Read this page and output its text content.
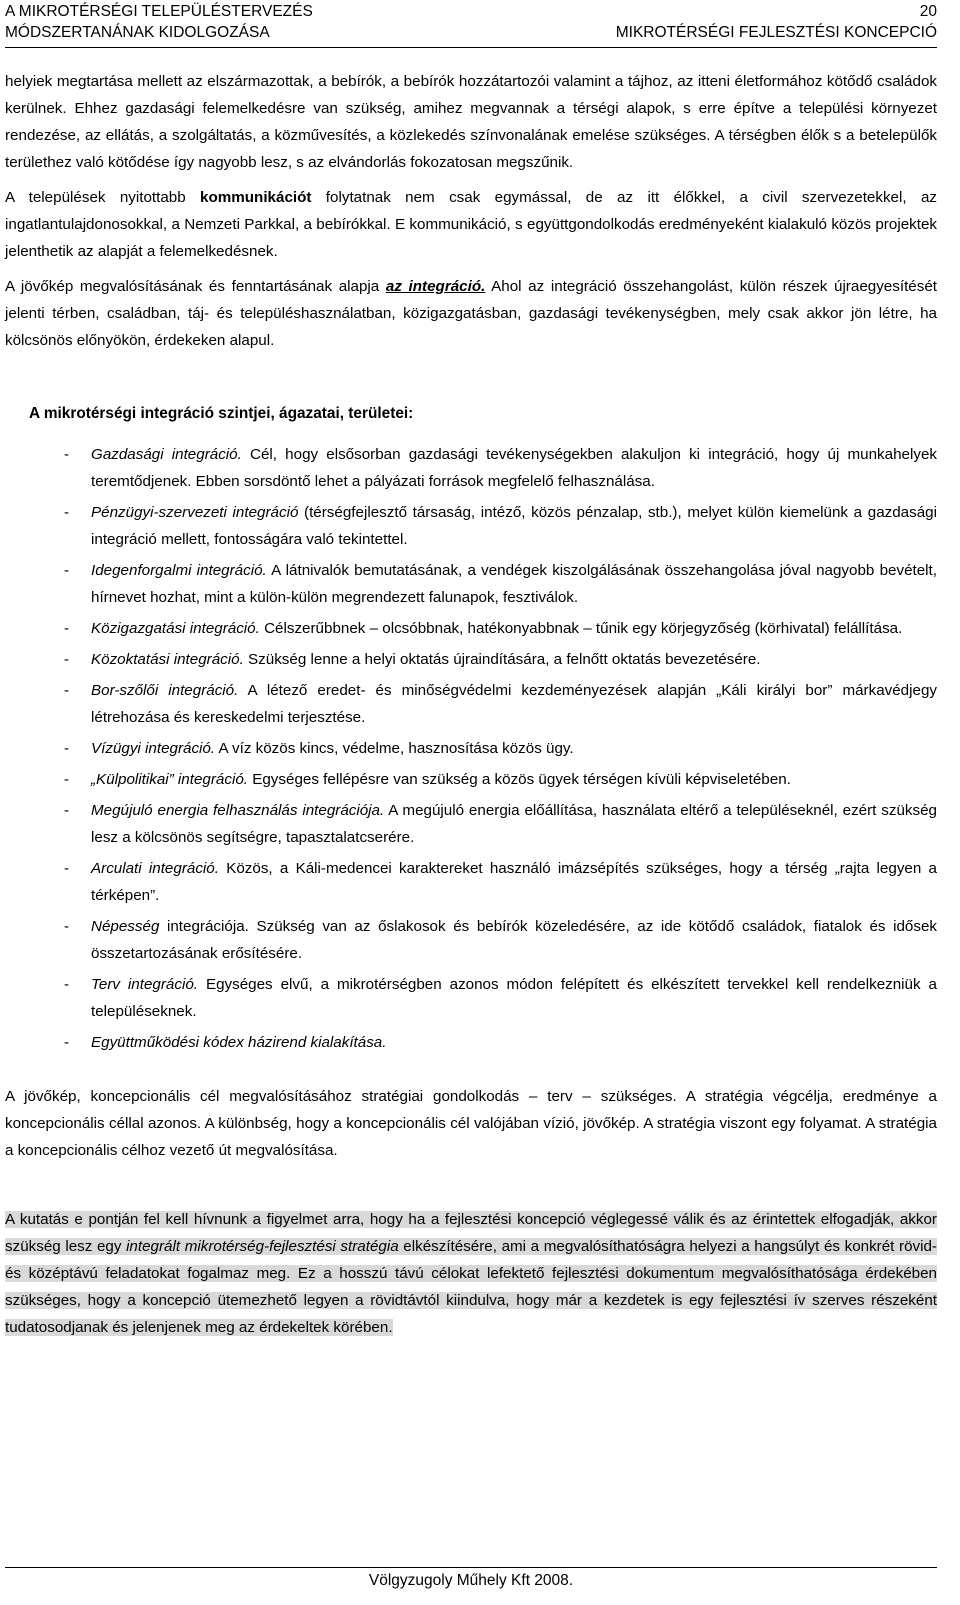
A MIKROTÉRSÉGI TELEPÜLÉSTERVEZÉS	20
MÓDSZERTANÁNAK KIDOLGOZÁSA	MIKROTÉRSÉGI FEJLESZTÉSI KONCEPCIÓ

helyiek megtartása mellett az elszármazottak, a bebírók, a bebírók hozzátartozói valamint a tájhoz, az itteni életformához kötődő családok kerülnek. Ehhez gazdasági felemelkedésre van szükség, amihez megvannak a térségi alapok, s erre építve a települési környezet rendezése, az ellátás, a szolgáltatás, a közművesítés, a közlekedés színvonalának emelése szükséges. A térségben élők s a betelepülők területhez való kötődése így nagyobb lesz, s az elvándorlás fokozatosan megszűnik.

A települések nyitottabb kommunikációt folytatnak nem csak egymással, de az itt élőkkel, a civil szervezetekkel, az ingatlantulajdonosokkal, a Nemzeti Parkkal, a bebírókkal. E kommunikáció, s együttgondolkodás eredményeként kialakuló közös projektek jelenthetik az alapját a felemelkedésnek.

A jövőkép megvalósításának és fenntartásának alapja az integráció. Ahol az integráció összehangolást, külön részek újraegyesítését jelenti térben, családban, táj- és településhasználatban, közigazgatásban, gazdasági tevékenységben, mely csak akkor jön létre, ha kölcsönös előnyökön, érdekeken alapul.

A mikrotérségi integráció szintjei, ágazatai, területei:

- Gazdasági integráció. Cél, hogy elsősorban gazdasági tevékenységekben alakuljon ki integráció, hogy új munkahelyek teremtődjenek. Ebben sorsdöntő lehet a pályázati források megfelelő felhasználása.
- Pénzügyi-szervezeti integráció (térségfejlesztő társaság, intéző, közös pénzalap, stb.), melyet külön kiemelünk a gazdasági integráció mellett, fontosságára való tekintettel.
- Idegenforgalmi integráció. A látnivalók bemutatásának, a vendégek kiszolgálásának összehangolása jóval nagyobb bevételt, hírnevet hozhat, mint a külön-külön megrendezett falunapok, fesztiválok.
- Közigazgatási integráció. Célszerűbbnek – olcsóbbnak, hatékonyabbnak – tűnik egy körjegyzőség (körhivatal) felállítása.
- Közoktatási integráció. Szükség lenne a helyi oktatás újraindítására, a felnőtt oktatás bevezetésére.
- Bor-szőlői integráció. A létező eredet- és minőségvédelmi kezdeményezések alapján „Káli királyi bor” márkavédjegy létrehozása és kereskedelmi terjesztése.
- Vízügyi integráció. A víz közös kincs, védelme, hasznosítása közös ügy.
- „Külpolitikai” integráció. Egységes fellépésre van szükség a közös ügyek térségen kívüli képviseletében.
- Megújuló energia felhasználás integrációja. A megújuló energia előállítása, használata eltérő a településeknél, ezért szükség lesz a kölcsönös segítségre, tapasztalatcserére.
- Arculati integráció. Közös, a Káli-medencei karaktereket használó imázsépítés szükséges, hogy a térség „rajta legyen a térképen”.
- Népesség integrációja. Szükség van az őslakosok és bebírók közeledésére, az ide kötődő családok, fiatalok és idősek összetartozásának erősítésére.
- Terv integráció. Egységes elvű, a mikrotérségben azonos módon felépített és elkészített tervekkel kell rendelkezniük a településeknek.
- Együttműködési kódex házirend kialakítása.

A jövőkép, koncepcionális cél megvalósításához stratégiai gondolkodás – terv – szükséges. A stratégia végcélja, eredménye a koncepcionális céllal azonos. A különbség, hogy a koncepcionális cél valójában vízió, jövőkép. A stratégia viszont egy folyamat. A stratégia a koncepcionális célhoz vezető út megvalósítása.

A kutatás e pontján fel kell hívnunk a figyelmet arra, hogy ha a fejlesztési koncepció véglegessé válik és az érintettek elfogadják, akkor szükség lesz egy integrált mikrotérség-fejlesztési stratégia elkészítésére, ami a megvalósíthatóságra helyezi a hangsúlyt és konkrét rövid- és középtávú feladatokat fogalmaz meg. Ez a hosszú távú célokat lefektető fejlesztési dokumentum megvalósíthatósága érdekében szükséges, hogy a koncepció ütemezhető legyen a rövidtávtól kiindulva, hogy már a kezdetek is egy fejlesztési ív szerves részeként tudatosodjanak és jelenjenek meg az érdekeltek körében.

Völgyzugoly Műhely Kft 2008.
